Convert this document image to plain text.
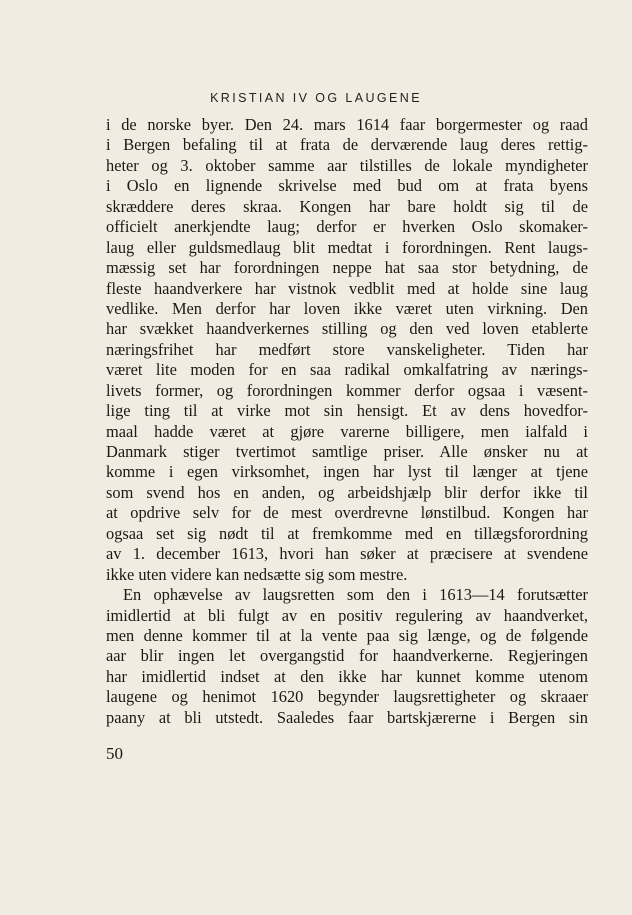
KRISTIAN IV OG LAUGENE
i de norske byer. Den 24. mars 1614 faar borgermester og raad
i Bergen befaling til at frata de derværende laug deres rettig-
heter og 3. oktober samme aar tilstilles de lokale myndigheter
i Oslo en lignende skrivelse med bud om at frata byens
skræddere deres skraa. Kongen har bare holdt sig til de
officielt anerkjendte laug; derfor er hverken Oslo skomaker-
laug eller guldsmedlaug blit medtat i forordningen. Rent laugs-
mæssig set har forordningen neppe hat saa stor betydning, de
fleste haandverkere har vistnok vedblit med at holde sine laug
vedlike. Men derfor har loven ikke været uten virkning. Den
har svækket haandverkernes stilling og den ved loven etablerte
næringsfrihet har medført store vanskeligheter. Tiden har
været lite moden for en saa radikal omkalfatring av nærings-
livets former, og forordningen kommer derfor ogsaa i væsent-
lige ting til at virke mot sin hensigt. Et av dens hovedfor-
maal hadde været at gjøre varerne billigere, men ialfald i
Danmark stiger tvertimot samtlige priser. Alle ønsker nu at
komme i egen virksomhet, ingen har lyst til længer at tjene
som svend hos en anden, og arbeidshjælp blir derfor ikke til
at opdrive selv for de mest overdrevne lønstilbud. Kongen har
ogsaa set sig nødt til at fremkomme med en tillægsforordning
av 1. december 1613, hvori han søker at præcisere at svendene
ikke uten videre kan nedsætte sig som mestre.
En ophævelse av laugsretten som den i 1613—14 forutsætter
imidlertid at bli fulgt av en positiv regulering av haandverket,
men denne kommer til at la vente paa sig længe, og de følgende
aar blir ingen let overgangstid for haandverkerne. Regjeringen
har imidlertid indset at den ikke har kunnet komme utenom
laugene og henimot 1620 begynder laugsrettigheter og skraaer
paany at bli utstedt. Saaledes faar bartskjærerne i Bergen sin
50
